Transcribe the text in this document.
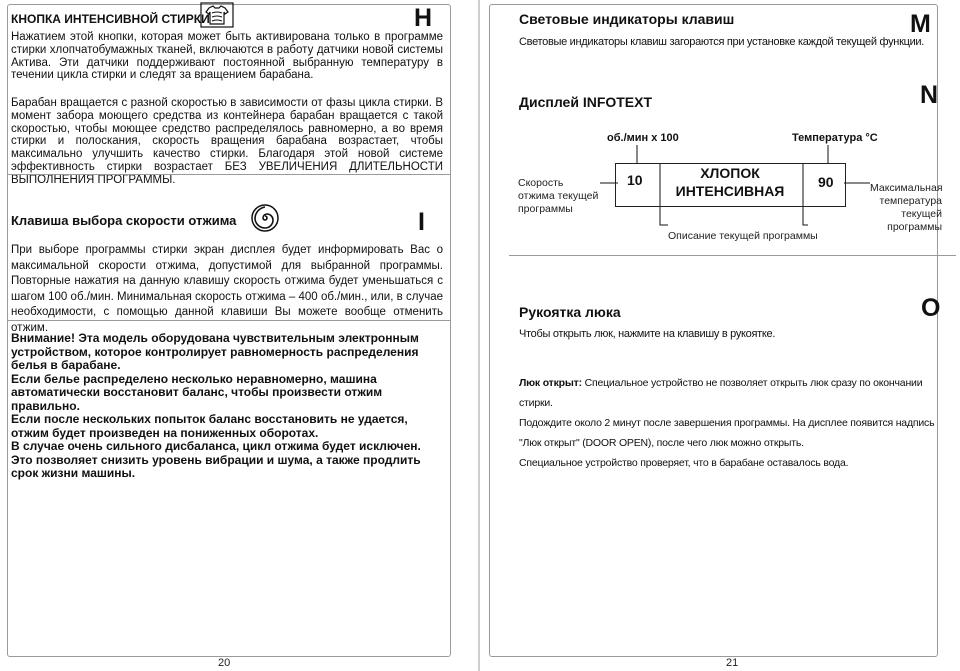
КНОПКА ИНТЕНСИВНОЙ СТИРКИ	H
Нажатием этой кнопки, которая может быть активирована только в программе стирки хлопчатобумажных тканей, включаются в работу датчики новой системы Актива. Эти датчики поддерживают постоянной выбранную температуру в течении цикла стирки и следят за вращением барабана.
Барабан вращается с разной скоростью в зависимости от фазы цикла стирки. В момент забора моющего средства из контейнера барабан вращается с такой скоростью, чтобы моющее средство распределялось равномерно, а во время стирки и полоскания, скорость вращения барабана возрастает, чтобы максимально улучшить качество стирки. Благодаря этой новой системе эффективность стирки возрастает БЕЗ УВЕЛИЧЕНИЯ ДЛИТЕЛЬНОСТИ ВЫПОЛНЕНИЯ ПРОГРАММЫ.
Клавиша выбора скорости отжима	I
При выборе программы стирки экран дисплея будет информировать Вас о максимальной скорости отжима, допустимой для выбранной программы. Повторные нажатия на данную клавишу скорость отжима будет уменьшаться с шагом 100 об./мин. Минимальная скорость отжима – 400 об./мин., или, в случае необходимости, с помощью данной клавиши Вы можете вообще отменить отжим.
Внимание! Эта модель оборудована чувствительным электронным устройством, которое контролирует равномерность распределения белья в барабане.
Если белье распределено несколько неравномерно, машина автоматически восстановит баланс, чтобы произвести отжим правильно.
Если после нескольких попыток баланс восстановить не удается, отжим будет произведен на пониженных оборотах.
В случае очень сильного дисбаланса, цикл отжима будет исключен.
Это позволяет снизить уровень вибрации и шума, а также продлить срок жизни машины.
20
Световые индикаторы клавиш	M
Световые индикаторы клавиш загораются при установке каждой текущей функции.
Дисплей INFOTEXT	N
об./мин х 100	Температура °C
10	ХЛОПОК
ИНТЕНСИВНАЯ
90
Скорость отжима текущей программы
Максимальная температура текущей программы
Описание текущей программы
Рукоятка люка	O
Чтобы открыть люк, нажмите на клавишу в рукоятке.
Люк открыт: Специальное устройство не позволяет открыть люк сразу по окончании стирки.
Подождите около 2 минут после завершения программы. На дисплее появится надпись "Люк открыт" (DOOR OPEN), после чего люк можно открыть.
Специальное устройство проверяет, что в барабане оставалось вода.
21
